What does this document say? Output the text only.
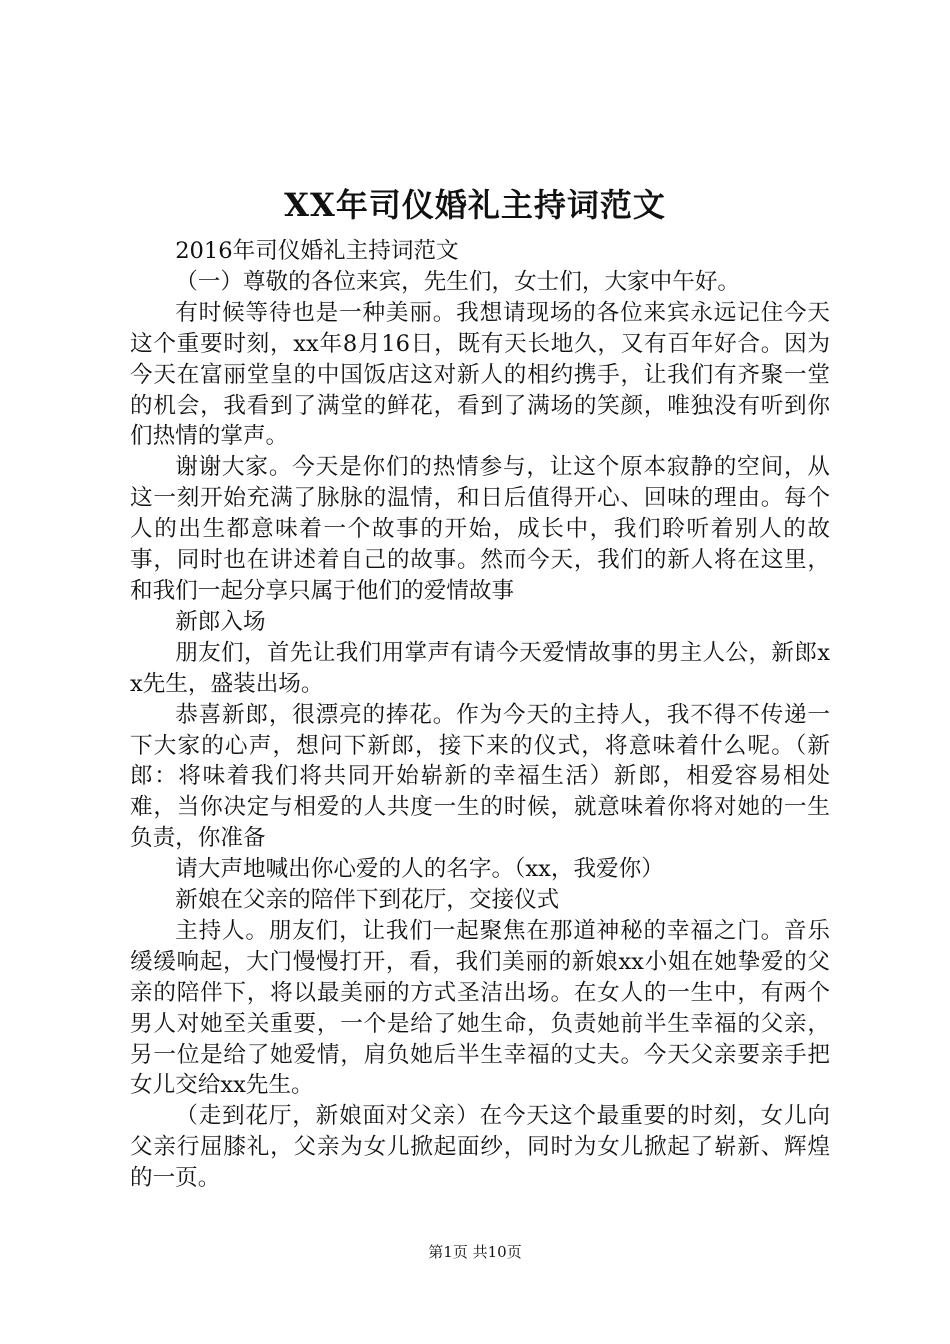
XX年司仪婚礼主持词范文

2016年司仪婚礼主持词范文

（一）尊敬的各位来宾，先生们，女士们，大家中午好。

有时候等待也是一种美丽。我想请现场的各位来宾永远记住今天这个重要时刻，xx年8月16日，既有天长地久，又有百年好合。因为今天在富丽堂皇的中国饭店这对新人的相约携手，让我们有齐聚一堂的机会，我看到了满堂的鲜花，看到了满场的笑颜，唯独没有听到你们热情的掌声。

谢谢大家。今天是你们的热情参与，让这个原本寂静的空间，从这一刻开始充满了脉脉的温情，和日后值得开心、回味的理由。每个人的出生都意味着一个故事的开始，成长中，我们聆听着别人的故事，同时也在讲述着自己的故事。然而今天，我们的新人将在这里，和我们一起分享只属于他们的爱情故事

新郎入场

朋友们，首先让我们用掌声有请今天爱情故事的男主人公，新郎xx先生，盛装出场。

恭喜新郎，很漂亮的捧花。作为今天的主持人，我不得不传递一下大家的心声，想问下新郎，接下来的仪式，将意味着什么呢。（新郎：将味着我们将共同开始崭新的幸福生活）新郎，相爱容易相处难，当你决定与相爱的人共度一生的时候，就意味着你将对她的一生负责，你准备

请大声地喊出你心爱的人的名字。（xx，我爱你）

新娘在父亲的陪伴下到花厅，交接仪式

主持人。朋友们，让我们一起聚焦在那道神秘的幸福之门。音乐缓缓响起，大门慢慢打开，看，我们美丽的新娘xx小姐在她挚爱的父亲的陪伴下，将以最美丽的方式圣洁出场。在女人的一生中，有两个男人对她至关重要，一个是给了她生命，负责她前半生幸福的父亲，另一位是给了她爱情，肩负她后半生幸福的丈夫。今天父亲要亲手把女儿交给xx先生。

（走到花厅，新娘面对父亲）在今天这个最重要的时刻，女儿向父亲行屈膝礼，父亲为女儿掀起面纱，同时为女儿掀起了崭新、辉煌的一页。

第1页 共10页
